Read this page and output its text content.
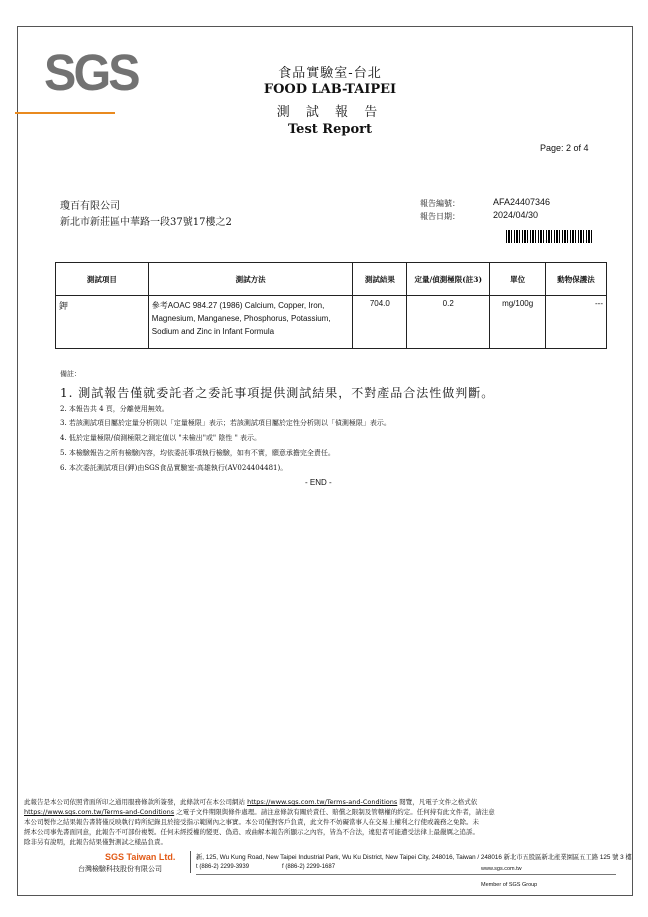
SGS	食品實驗室-台北
FOOD LAB-TAIPEI
測 試 報 告
Test Report
Page: 2 of 4
瓊百有限公司
新北市新莊區中華路一段37號17樓之2
報告編號：
報告日期：
AFA24407346
2024/04/30
測試項目	測試方法	測試結果	定量/偵測極限(註3)	單位	動物保護法
鉀	參考AOAC 984.27 (1986) Calcium, Copper, Iron, Magnesium, Manganese, Phosphorus, Potassium, Sodium and Zinc in Infant Formula	704.0	0.2	mg/100g	---
備註：
1. 測試報告僅就委託者之委託事項提供測試結果，不對產品合法性做判斷。
2. 本報告共 4 頁，分離使用無效。
3. 若該測試項目屬於定量分析則以「定量極限」表示；若該測試項目屬於定性分析則以「偵測極限」表示。
4. 低於定量極限/偵測極限之測定值以 "未檢出"或" 陰性 " 表示。
5. 本檢驗報告之所有檢驗內容，均依委託事項執行檢驗，如有不實，願意承擔完全責任。
6. 本次委託測試項目(鉀)由SGS食品實驗室-高雄執行(AV024404481)。
- END -
此報告是本公司依照背面所印之通用服務條款所簽發，此條款可在本公司網站 https://www.sgs.com.tw/Terms-and-Conditions 閱覽，凡電子文件之格式依
https://www.sgs.com.tw/Terms-and-Conditions 之電子文件期限與條件處理。請注意條款有關於責任、賠償之限制及管轄權的約定。任何持有此文件者，請注意
本公司製作之結果報告書將僅反映執行時所紀錄且於接受指示範圍內之事實。本公司僅對客戶負責，此文件不妨礙當事人在交易上權利之行使或義務之免除。未
經本公司事先書面同意，此報告不可部份複製。任何未經授權的變更、偽造、或曲解本報告所顯示之內容，皆為不合法，違犯者可能遭受法律上最嚴厲之追訴。
除非另有說明，此報告結果僅對測試之樣品負責。
SGS Taiwan Ltd.
台灣檢驗科技股份有限公司
新, 125, Wu Kung Road, New Taipei Industrial Park, Wu Ku District, New Taipei City, 248016, Taiwan / 248016 新北市五股區新北產業園區五工路 125 號 3 樓
t (886-2) 2299-3939	f (886-2) 2299-1687	www.sgs.com.tw
Member of SGS Group
